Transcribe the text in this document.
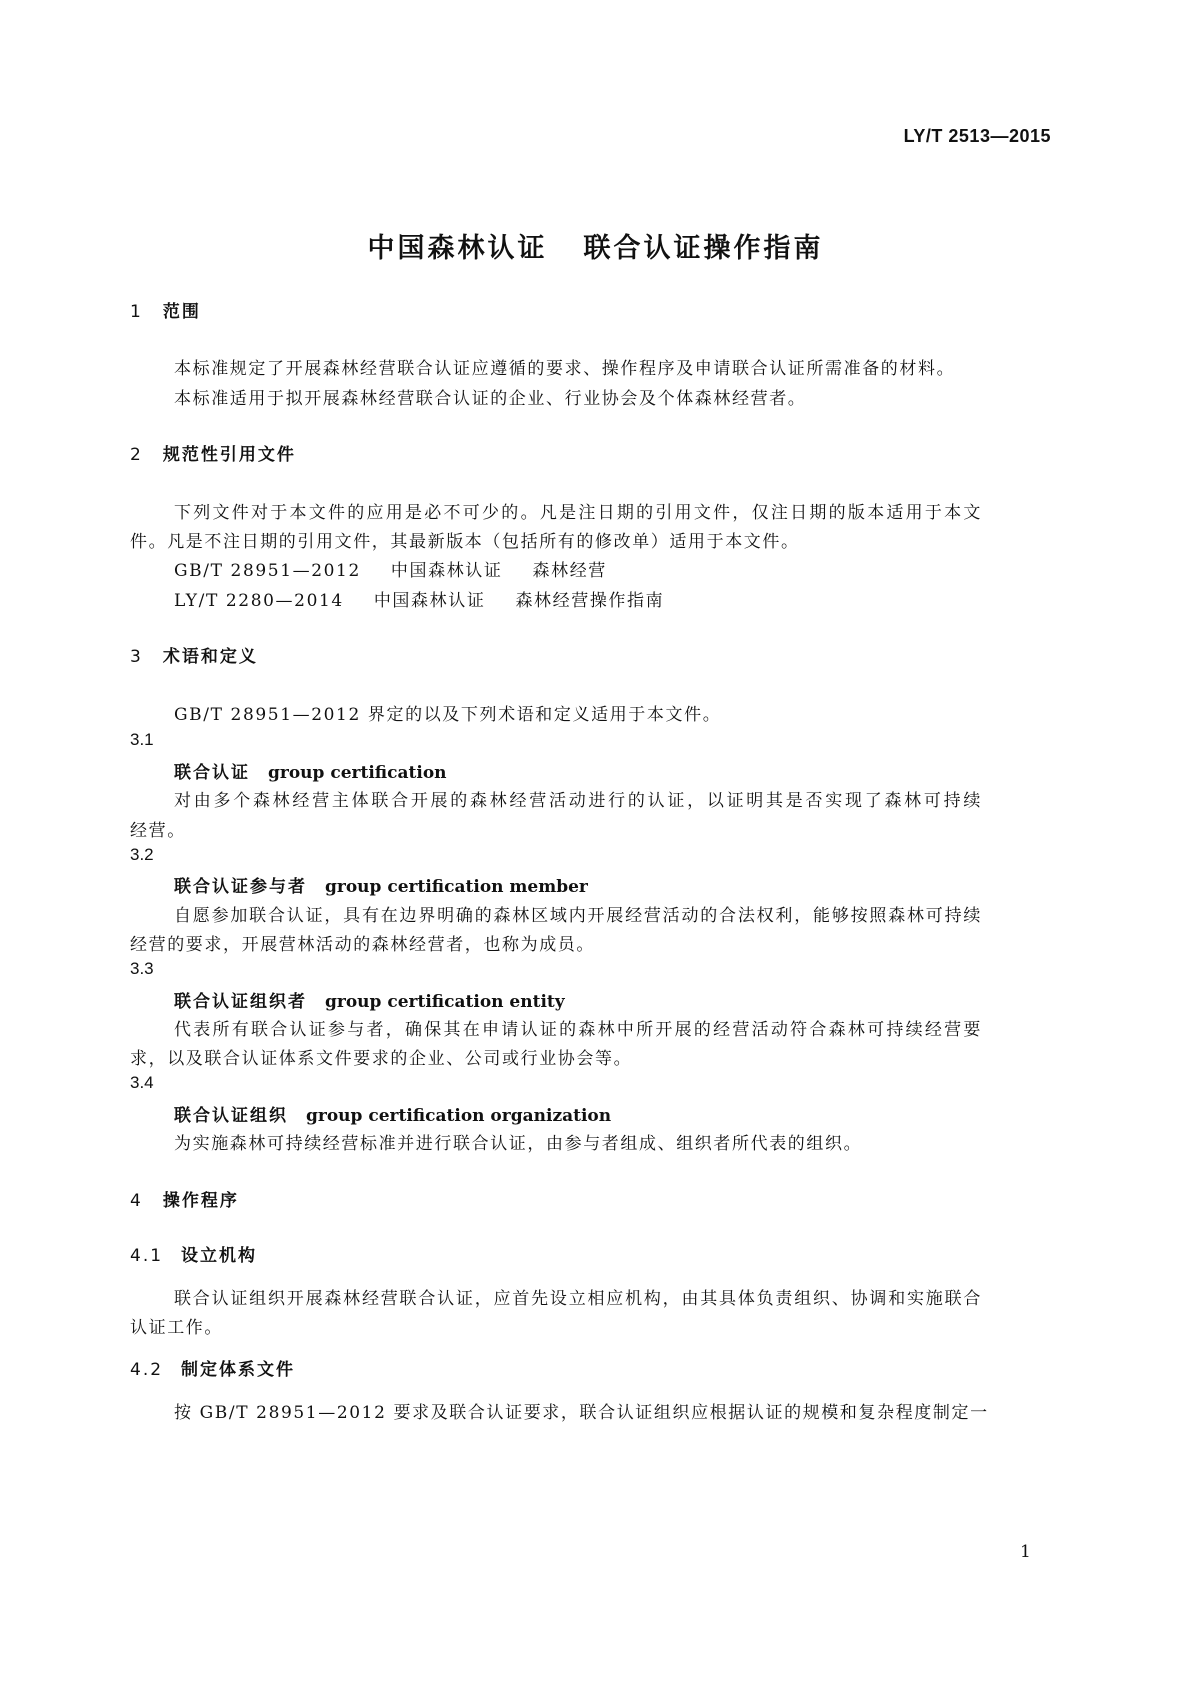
LY/T 2513—2015
中国森林认证 联合认证操作指南
1 范围
本标准规定了开展森林经营联合认证应遵循的要求、操作程序及申请联合认证所需准备的材料。
本标准适用于拟开展森林经营联合认证的企业、行业协会及个体森林经营者。
2 规范性引用文件
下列文件对于本文件的应用是必不可少的。凡是注日期的引用文件，仅注日期的版本适用于本文
件。凡是不注日期的引用文件，其最新版本（包括所有的修改单）适用于本文件。
GB/T 28951—2012 中国森林认证 森林经营
LY/T 2280—2014 中国森林认证 森林经营操作指南
3 术语和定义
GB/T 28951—2012 界定的以及下列术语和定义适用于本文件。
3.1
联合认证 group certification
对由多个森林经营主体联合开展的森林经营活动进行的认证，以证明其是否实现了森林可持续
经营。
3.2
联合认证参与者 group certification member
自愿参加联合认证，具有在边界明确的森林区域内开展经营活动的合法权利，能够按照森林可持续
经营的要求，开展营林活动的森林经营者，也称为成员。
3.3
联合认证组织者 group certification entity
代表所有联合认证参与者，确保其在申请认证的森林中所开展的经营活动符合森林可持续经营要
求，以及联合认证体系文件要求的企业、公司或行业协会等。
3.4
联合认证组织 group certification organization
为实施森林可持续经营标准并进行联合认证，由参与者组成、组织者所代表的组织。
4 操作程序
4.1 设立机构
联合认证组织开展森林经营联合认证，应首先设立相应机构，由其具体负责组织、协调和实施联合
认证工作。
4.2 制定体系文件
按 GB/T 28951—2012 要求及联合认证要求，联合认证组织应根据认证的规模和复杂程度制定一
1
